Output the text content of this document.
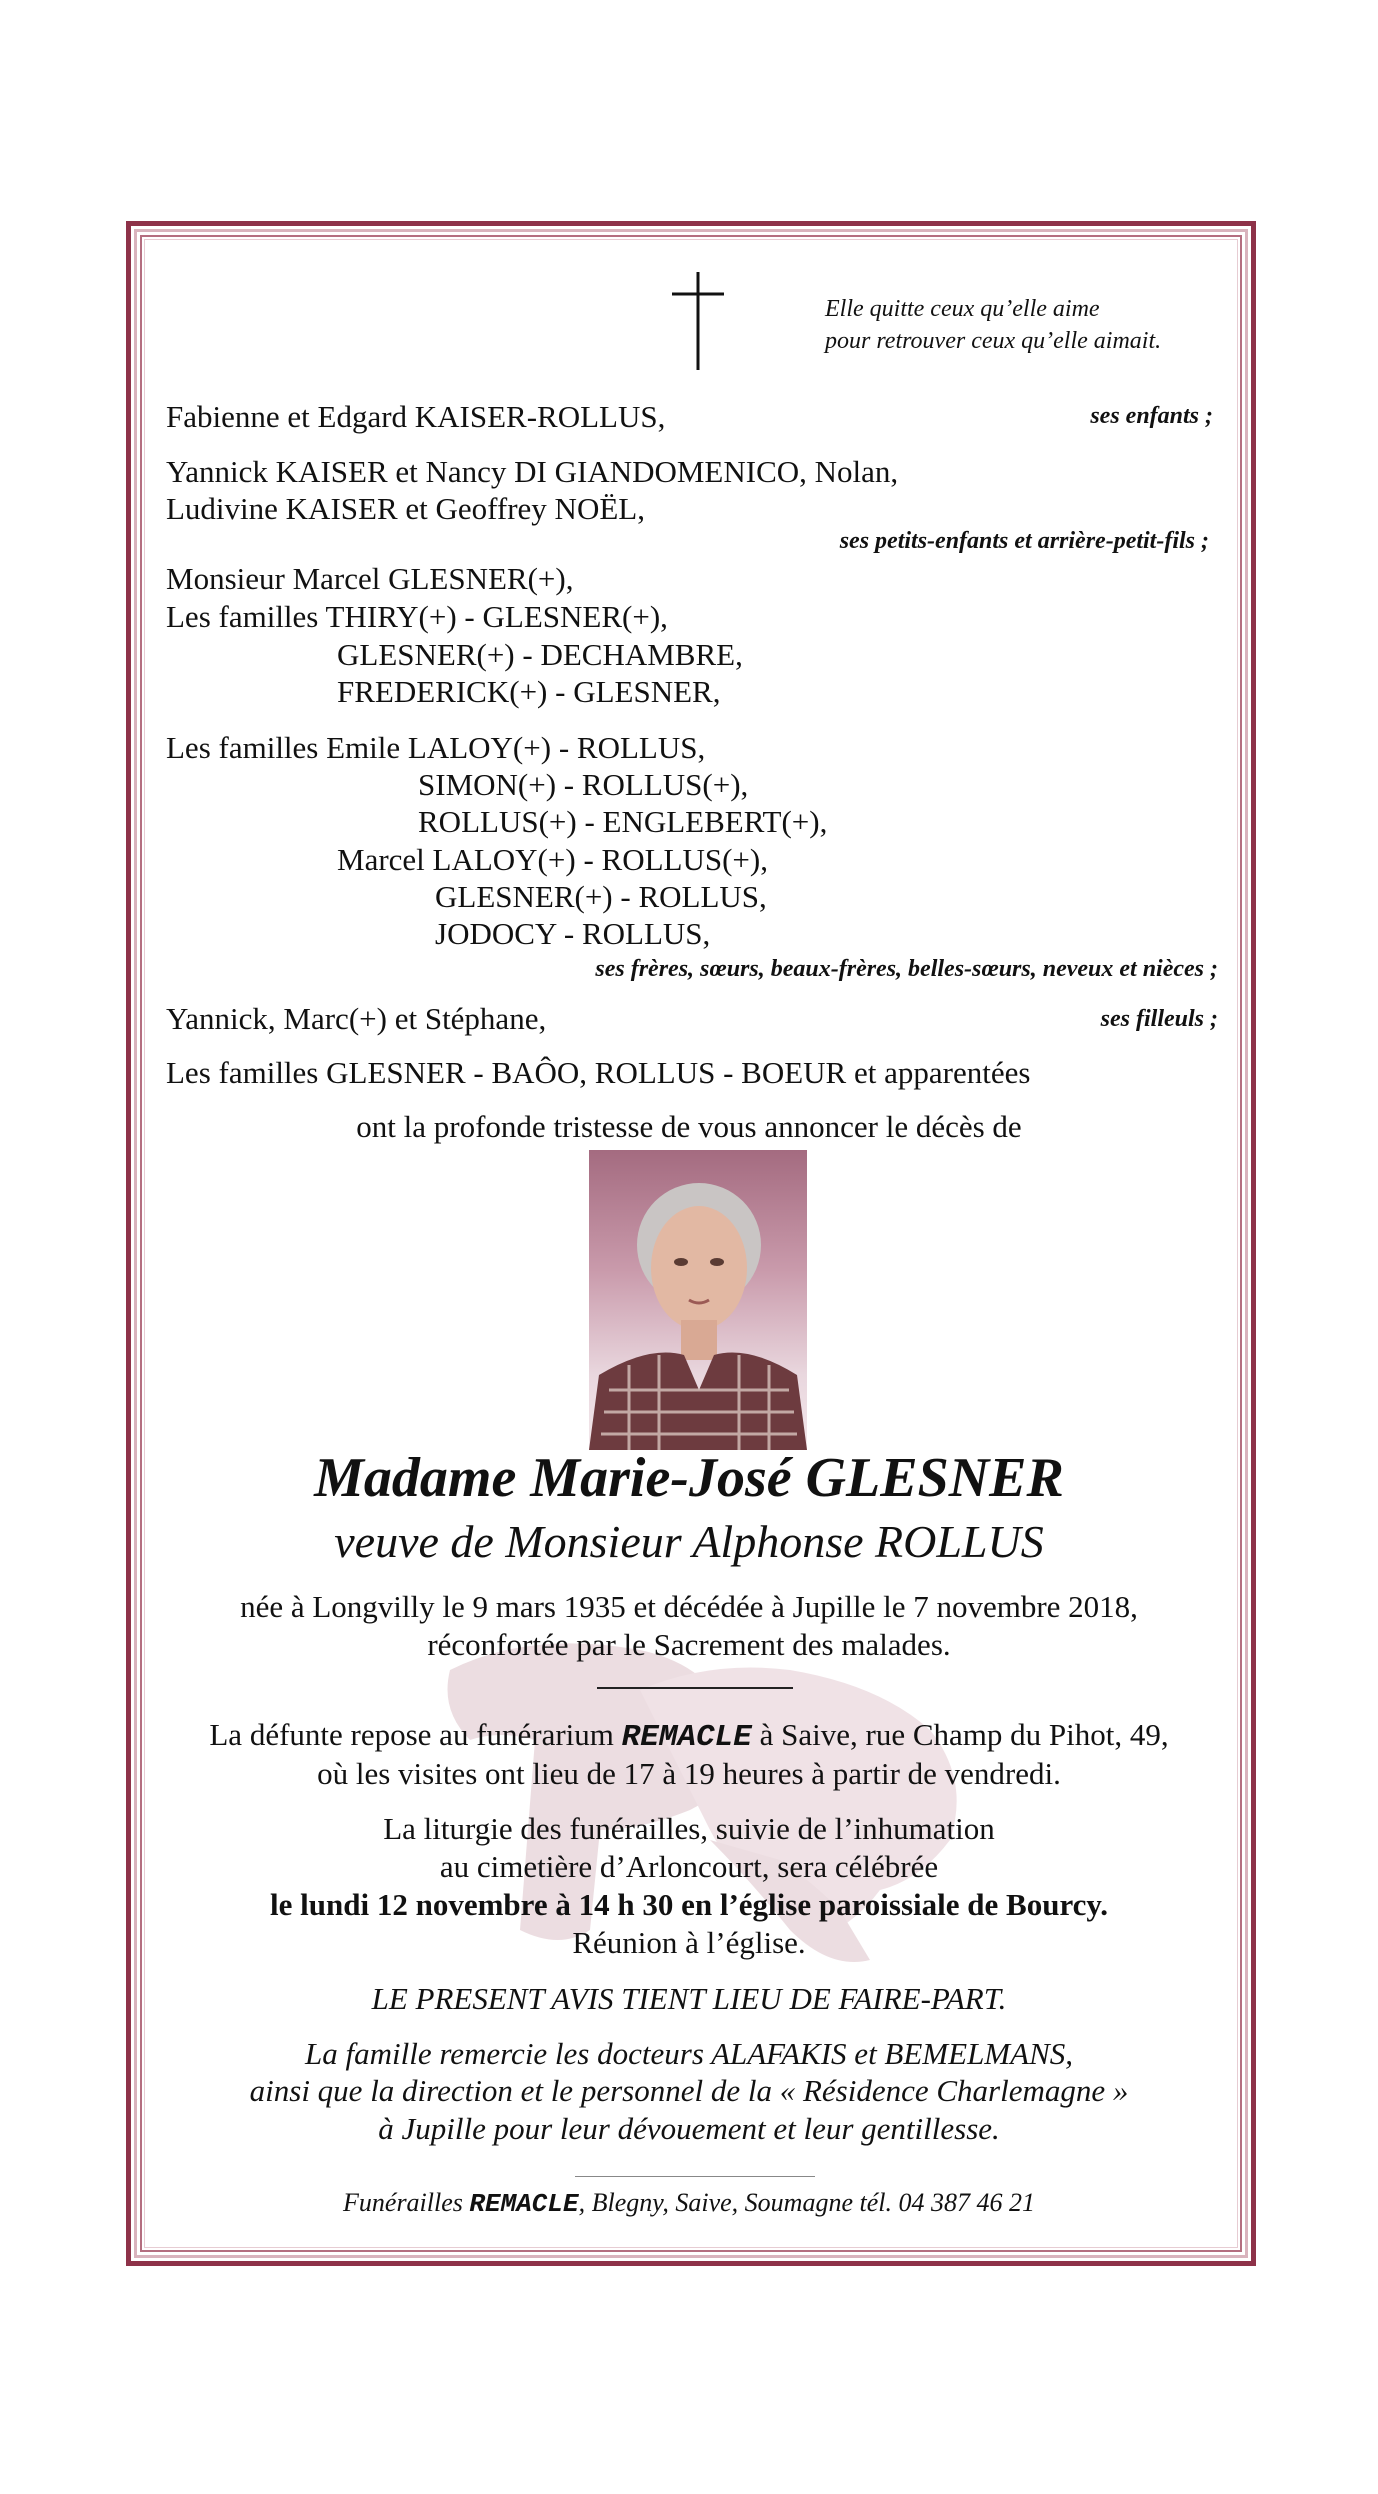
Elle quitte ceux qu’elle aime
pour retrouver ceux qu’elle aimait.
Fabienne et Edgard KAISER-ROLLUS,	ses enfants ;
Yannick KAISER et Nancy DI GIANDOMENICO, Nolan,
Ludivine KAISER et Geoffrey NOËL,
ses petits-enfants et arrière-petit-fils ;
Monsieur Marcel GLESNER(+),
Les familles THIRY(+) - GLESNER(+),
GLESNER(+) - DECHAMBRE,
FREDERICK(+) - GLESNER,
Les familles Emile LALOY(+) - ROLLUS,
SIMON(+) - ROLLUS(+),
ROLLUS(+) - ENGLEBERT(+),
Marcel LALOY(+) - ROLLUS(+),
GLESNER(+) - ROLLUS,
JODOCY - ROLLUS,
ses frères, sœurs, beaux-frères, belles-sœurs, neveux et nièces ;
Yannick, Marc(+) et Stéphane,	ses filleuls ;
Les familles GLESNER - BAÔO, ROLLUS - BOEUR et apparentées
ont la profonde tristesse de vous annoncer le décès de
Madame Marie-José GLESNER
veuve de Monsieur Alphonse ROLLUS
née à Longvilly le 9 mars 1935 et décédée à Jupille le 7 novembre 2018,
réconfortée par le Sacrement des malades.
La défunte repose au funérarium REMACLE à Saive, rue Champ du Pihot, 49,
où les visites ont lieu de 17 à 19 heures à partir de vendredi.
La liturgie des funérailles, suivie de l’inhumation
au cimetière d’Arloncourt, sera célébrée
le lundi 12 novembre à 14 h 30 en l’église paroissiale de Bourcy.
Réunion à l’église.
LE PRESENT AVIS TIENT LIEU DE FAIRE-PART.
La famille remercie les docteurs ALAFAKIS et BEMELMANS,
ainsi que la direction et le personnel de la « Résidence Charlemagne »
à Jupille pour leur dévouement et leur gentillesse.
Funérailles REMACLE, Blegny, Saive, Soumagne tél. 04 387 46 21
